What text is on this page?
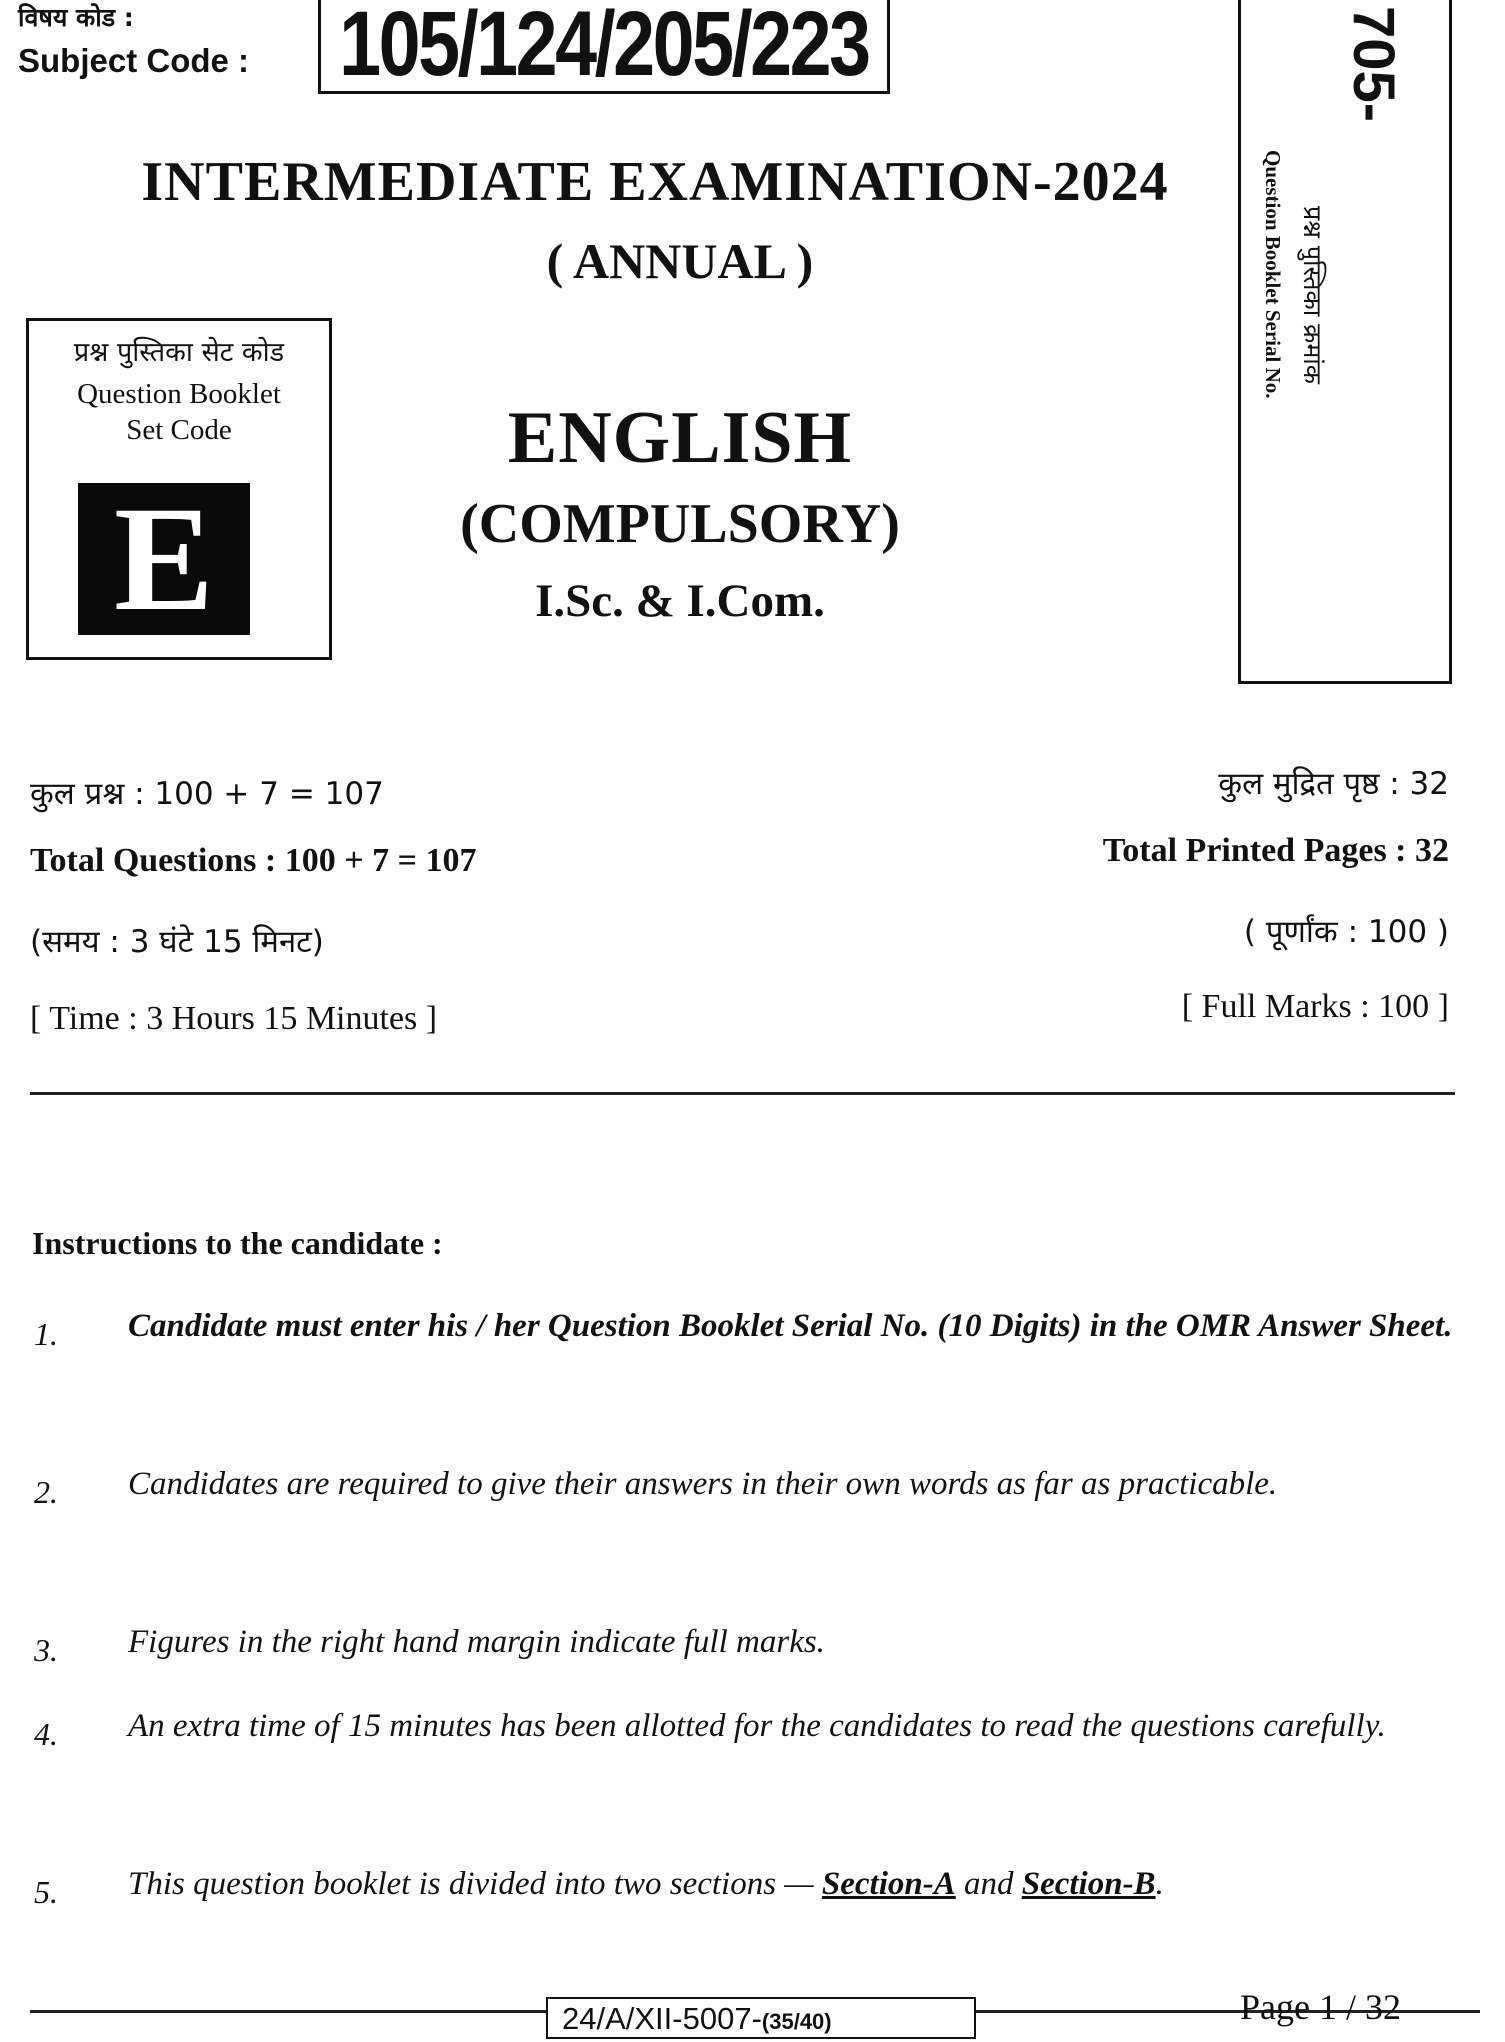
विषय कोड :
Subject Code : 105/124/205/223	705-
प्रश्न पुस्तिका क्रमांक
Question Booklet Serial No.
INTERMEDIATE EXAMINATION-2024
( ANNUAL )
प्रश्न पुस्तिका सेट कोड
Question Booklet
Set Code
E
ENGLISH
(COMPULSORY)
I.Sc. & I.Com.
कुल प्रश्न : 100 + 7 = 107
Total Questions : 100 + 7 = 107
(समय : 3 घंटे 15 मिनट)
[ Time : 3 Hours 15 Minutes ]
कुल मुद्रित पृष्ठ : 32
Total Printed Pages : 32
( पूर्णांक : 100 )
[ Full Marks : 100 ]
Instructions to the candidate :
1. Candidate must enter his / her Question Booklet Serial No. (10 Digits) in the OMR Answer Sheet.
2. Candidates are required to give their answers in their own words as far as practicable.
3. Figures in the right hand margin indicate full marks.
4. An extra time of 15 minutes has been allotted for the candidates to read the questions carefully.
5. This question booklet is divided into two sections — Section-A and Section-B.
24/A/XII-5007-(35/40)	Page 1 / 32
